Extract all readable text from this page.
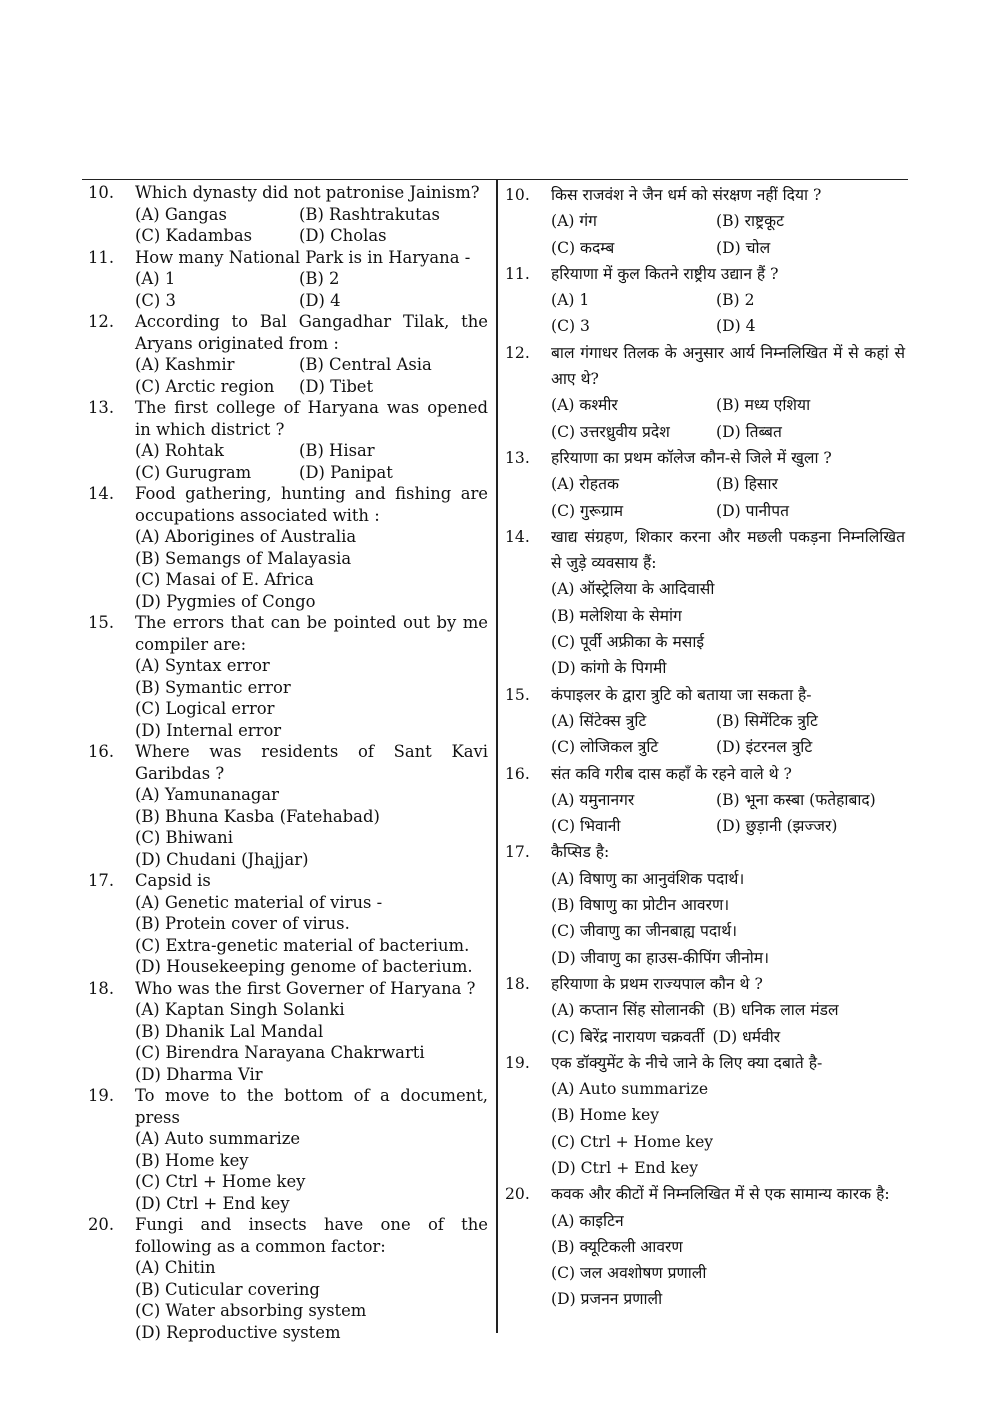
10.	Which dynasty did not patronise Jainism?
(A) Gangas	(B) Rashtrakutas
(C) Kadambas	(D) Cholas
11.	How many National Park is in Haryana -
(A) 1	(B) 2
(C) 3	(D) 4
12.	According to Bal Gangadhar Tilak, the Aryans originated from :
(A) Kashmir	(B) Central Asia
(C) Arctic region	(D) Tibet
13.	The first college of Haryana was opened in which district ?
(A) Rohtak	(B) Hisar
(C) Gurugram	(D) Panipat
14.	Food gathering, hunting and fishing are occupations associated with :
(A) Aborigines of Australia
(B) Semangs of Malayasia
(C) Masai of E. Africa
(D) Pygmies of Congo
15.	The errors that can be pointed out by me compiler are:
(A) Syntax error
(B) Symantic error
(C) Logical error
(D) Internal error
16.	Where was residents of Sant Kavi Garibdas ?
(A) Yamunanagar
(B) Bhuna Kasba (Fatehabad)
(C) Bhiwani
(D) Chudani (Jhajjar)
17.	Capsid is
(A) Genetic material of virus -
(B) Protein cover of virus.
(C) Extra-genetic material of bacterium.
(D) Housekeeping genome of bacterium.
18.	Who was the first Governer of Haryana ?
(A) Kaptan Singh Solanki
(B) Dhanik Lal Mandal
(C) Birendra Narayana Chakrwarti
(D) Dharma Vir
19.	To move to the bottom of a document, press
(A) Auto summarize
(B) Home key
(C) Ctrl + Home key
(D) Ctrl + End key
20.	Fungi and insects have one of the following as a common factor:
(A) Chitin
(B) Cuticular covering
(C) Water absorbing system
(D) Reproductive system
10.	किस राजवंश ने जैन धर्म को संरक्षण नहीं दिया ?
(A) गंग	(B) राष्ट्रकूट
(C) कदम्ब	(D) चोल
11.	हरियाणा में कुल कितने राष्ट्रीय उद्यान हैं ?
(A) 1	(B) 2
(C) 3	(D) 4
12.	बाल गंगाधर तिलक के अनुसार आर्य निम्नलिखित में से कहां से आए थे?
(A) कश्मीर	(B) मध्य एशिया
(C) उत्तरध्रुवीय प्रदेश	(D) तिब्बत
13.	हरियाणा का प्रथम कॉलेज कौन-से जिले में खुला ?
(A) रोहतक	(B) हिसार
(C) गुरूग्राम	(D) पानीपत
14.	खाद्य संग्रहण, शिकार करना और मछली पकड़ना निम्नलिखित से जुड़े व्यवसाय हैं:
(A) ऑस्ट्रेलिया के आदिवासी
(B) मलेशिया के सेमांग
(C) पूर्वी अफ्रीका के मसाई
(D) कांगो के पिगमी
15.	कंपाइलर के द्वारा त्रुटि को बताया जा सकता है-
(A) सिंटेक्स त्रुटि	(B) सिमेंटिक त्रुटि
(C) लोजिकल त्रुटि	(D) इंटरनल त्रुटि
16.	संत कवि गरीब दास कहाँ के रहने वाले थे ?
(A) यमुनानगर	(B) भूना कस्बा (फतेहाबाद)
(C) भिवानी	(D) छुड़ानी (झज्जर)
17.	कैप्सिड है:
(A) विषाणु का आनुवंशिक पदार्थ।
(B) विषाणु का प्रोटीन आवरण।
(C) जीवाणु का जीनबाह्य पदार्थ।
(D) जीवाणु का हाउस-कीपिंग जीनोम।
18.	हरियाणा के प्रथम राज्यपाल कौन थे ?
(A) कप्तान सिंह सोलानकी (B) धनिक लाल मंडल
(C) बिरेंद्र नारायण चक्रवर्ती (D) धर्मवीर
19.	एक डॉक्युमेंट के नीचे जाने के लिए क्या दबाते है-
(A) Auto summarize
(B) Home key
(C) Ctrl + Home key
(D) Ctrl + End key
20.	कवक और कीटों में निम्नलिखित में से एक सामान्य कारक है:
(A) काइटिन
(B) क्यूटिकली आवरण
(C) जल अवशोषण प्रणाली
(D) प्रजनन प्रणाली
